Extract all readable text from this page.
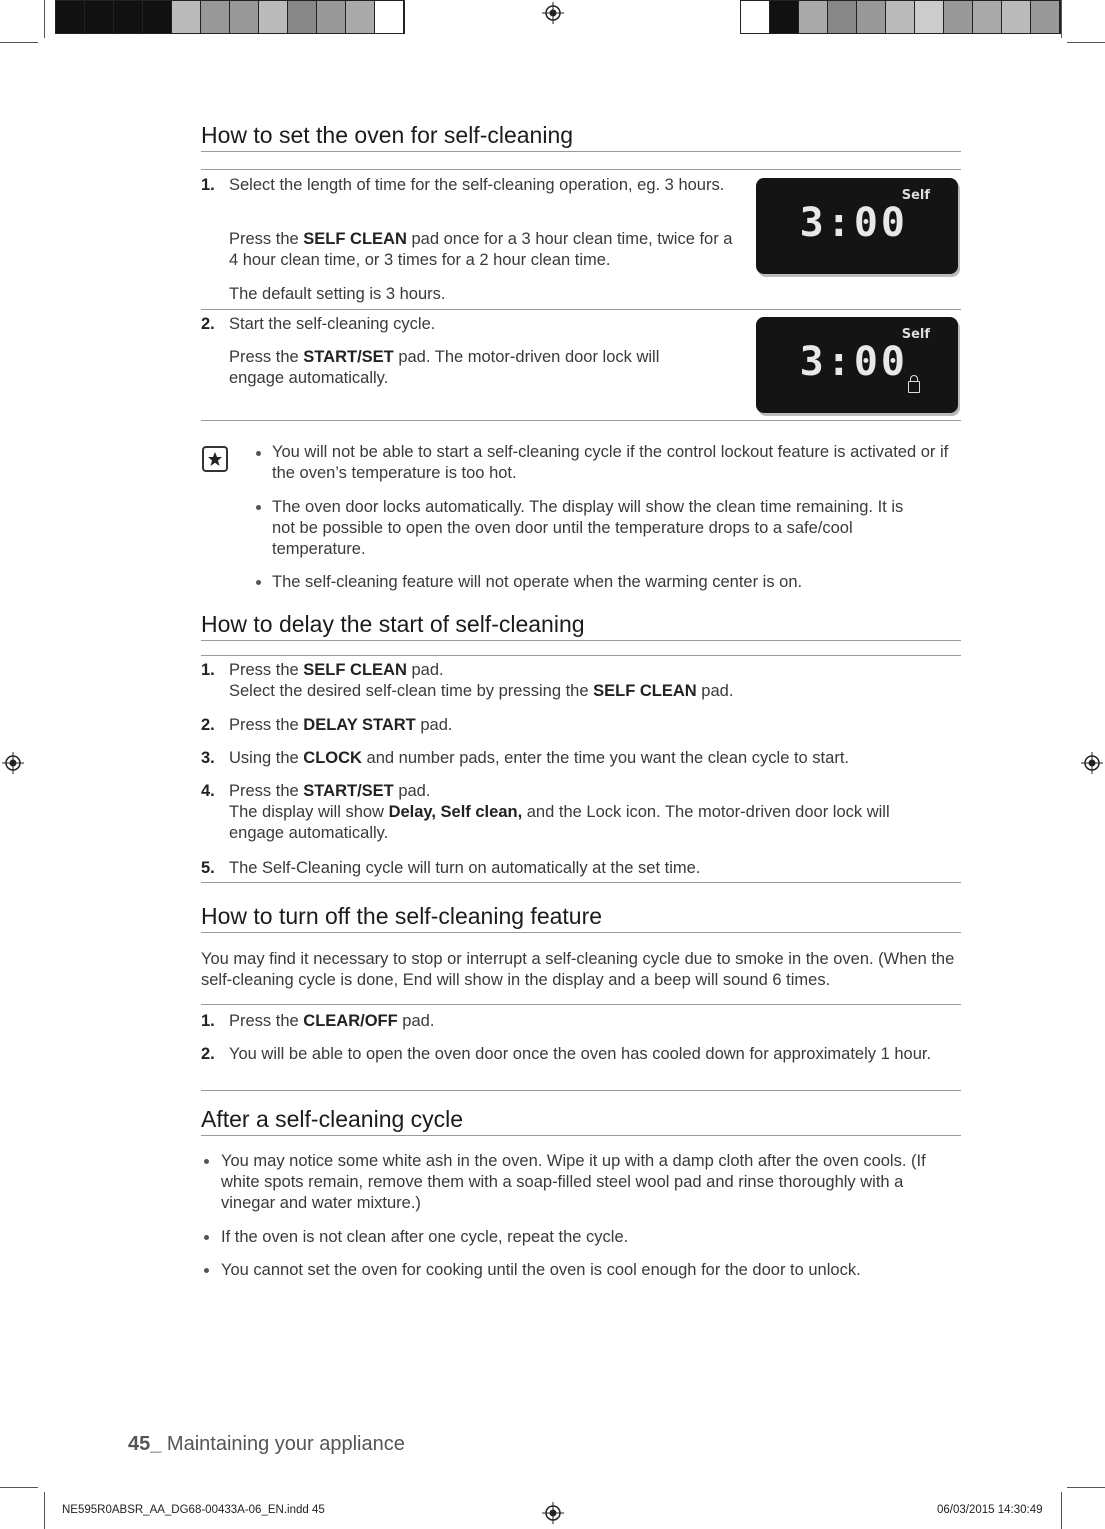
How to set the oven for self-cleaning
1. Select the length of time for the self-cleaning operation, eg. 3 hours.
Press the SELF CLEAN pad once for a 3 hour clean time, twice for a 4 hour clean time, or 3 times for a 2 hour clean time.
The default setting is 3 hours.
Self
3:00
2. Start the self-cleaning cycle.
Press the START/SET pad. The motor-driven door lock will engage automatically.
Self
3:00
You will not be able to start a self-cleaning cycle if the control lockout feature is activated or if the oven’s temperature is too hot.
The oven door locks automatically. The display will show the clean time remaining. It is not be possible to open the oven door until the temperature drops to a safe/cool temperature.
The self-cleaning feature will not operate when the warming center is on.
How to delay the start of self-cleaning
1. Press the SELF CLEAN pad.
Select the desired self-clean time by pressing the SELF CLEAN pad.
2. Press the DELAY START pad.
3. Using the CLOCK and number pads, enter the time you want the clean cycle to start.
4. Press the START/SET pad.
The display will show Delay, Self clean, and the Lock icon. The motor-driven door lock will engage automatically.
5. The Self-Cleaning cycle will turn on automatically at the set time.
How to turn off the self-cleaning feature
You may find it necessary to stop or interrupt a self-cleaning cycle due to smoke in the oven. (When the self-cleaning cycle is done, End will show in the display and a beep will sound 6 times.
1. Press the CLEAR/OFF pad.
2. You will be able to open the oven door once the oven has cooled down for approximately 1 hour.
After a self-cleaning cycle
You may notice some white ash in the oven. Wipe it up with a damp cloth after the oven cools. (If white spots remain, remove them with a soap-filled steel wool pad and rinse thoroughly with a vinegar and water mixture.)
If the oven is not clean after one cycle, repeat the cycle.
You cannot set the oven for cooking until the oven is cool enough for the door to unlock.
45_ Maintaining your appliance
NE595R0ABSR_AA_DG68-00433A-06_EN.indd 45	06/03/2015 14:30:49
